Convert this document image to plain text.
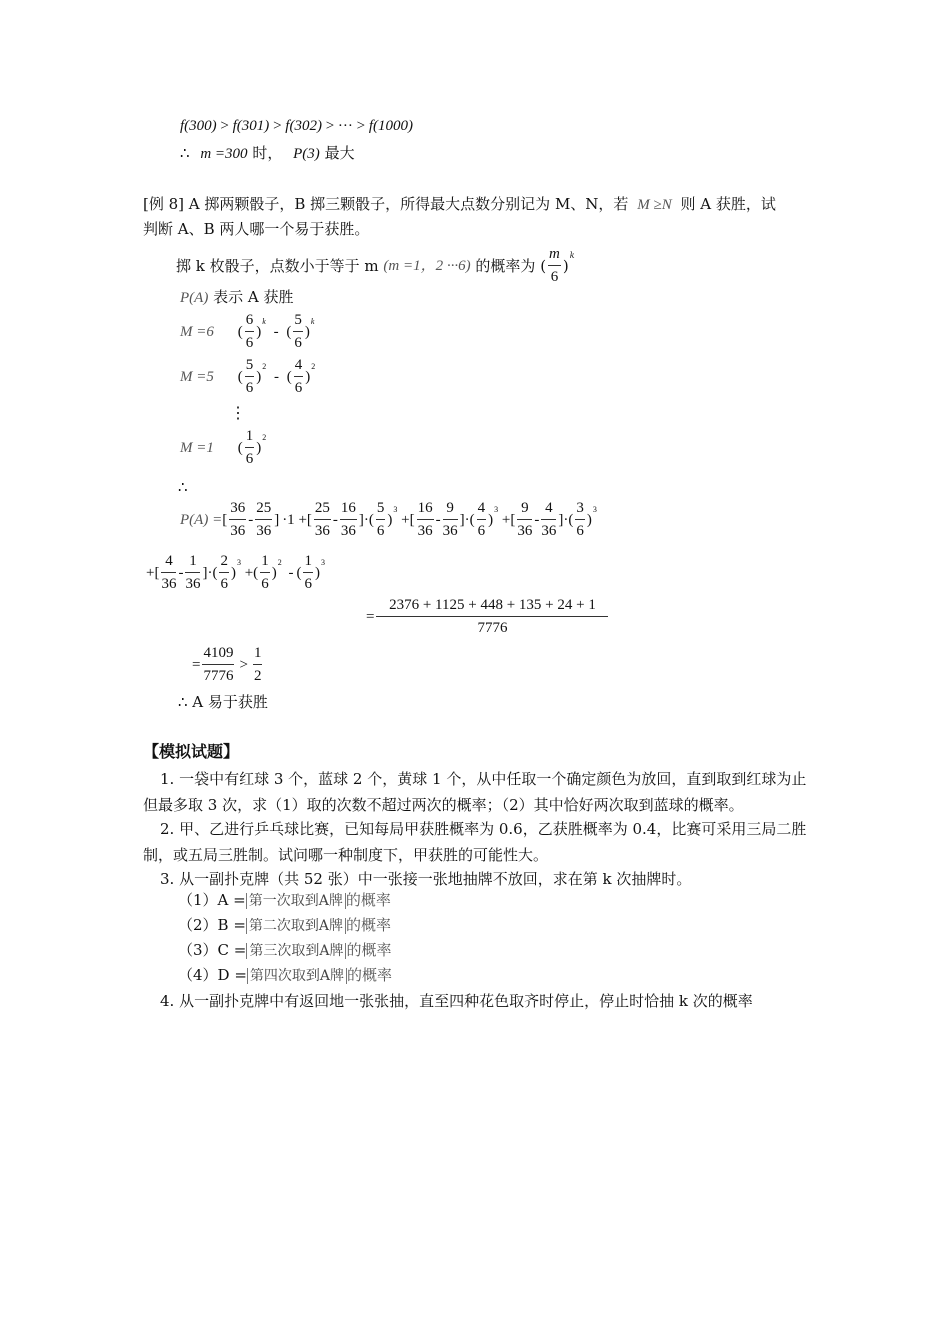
f(300) > f(301) > f(302) > ··· > f(1000)
∴ m =300 时， P(3) 最大
[例 8] A 掷两颗骰子，B 掷三颗骰子，所得最大点数分别记为 M、N，若 M ≥N 则 A 获胜，试
判断 A、B 两人哪一个易于获胜。
掷 k 枚骰子，点数小于等于 m (m =1，2 ···6) 的概率为 ( $\frac{m}{6} )^k$
P(A) 表示 A 获胜
M =6 ( $\frac{6}{6} )^k$ - ( $\frac{5}{6} )^k$
M =5 ( $\frac{5}{6} )^2$ - ( $\frac{4}{6} )^2$
⋮
M =1 ( $\frac{1}{6} )^2$
∴
P(A) =[ $\frac{36}{36} - \frac{25}{36}$ ] ·1 +[ $\frac{25}{36} - \frac{16}{36}$ ]·( $\frac{5}{6} )^3$ +[ $\frac{16}{36} - \frac{9}{36}$ ]·( $\frac{4}{6} )^3$ +[ $\frac{9}{36} - \frac{4}{36}$ ]·( $\frac{3}{6} )^3$
+[ $\frac{4}{36} - \frac{1}{36}$ ]·( $\frac{2}{6} )^3$ +( $\frac{1}{6} )^2$ - ( $\frac{1}{6} )^3$
= $\frac{2376 + 1125 + 448 + 135 + 24 + 1}{7776}$
= $\frac{4109}{7776} > \frac{1}{2}$
∴ A 易于获胜
【模拟试题】
1. 一袋中有红球 3 个，蓝球 2 个，黄球 1 个，从中任取一个确定颜色为放回，直到取到红球为止但最多取 3 次，求（1）取的次数不超过两次的概率；（2）其中恰好两次取到蓝球的概率。
2. 甲、乙进行乒乓球比赛，已知每局甲获胜概率为 0.6，乙获胜概率为 0.4，比赛可采用三局二胜制，或五局三胜制。试问哪一种制度下，甲获胜的可能性大。
3. 从一副扑克牌（共 52 张）中一张接一张地抽牌不放回，求在第 k 次抽牌时。
（1）A = 第一次取到A牌 的概率
（2）B = 第二次取到A牌 的概率
（3）C = 第三次取到A牌 的概率
（4）D = 第四次取到A牌 的概率
4. 从一副扑克牌中有返回地一张张抽，直至四种花色取齐时停止，停止时恰抽 k 次的概率
